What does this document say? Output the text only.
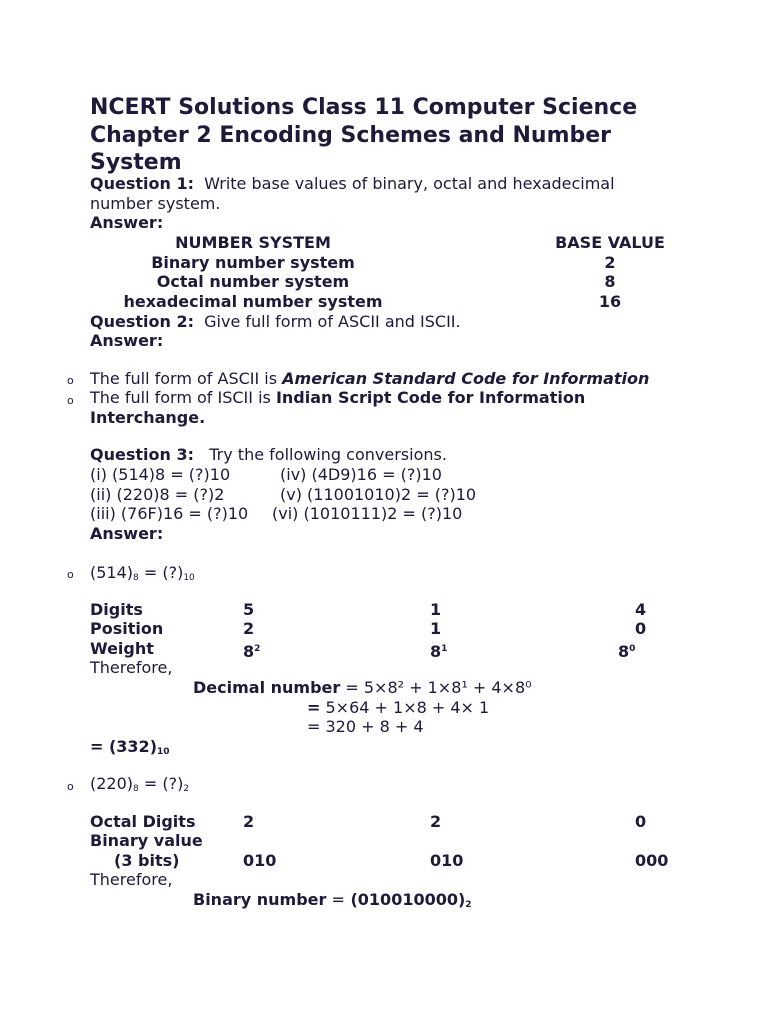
NCERT Solutions Class 11 Computer Science Chapter 2 Encoding Schemes and Number System
Question 1: Write base values of binary, octal and hexadecimal
number system.
Answer:
NUMBER SYSTEM	BASE VALUE
Binary number system	2
Octal number system	8
hexadecimal number system	16
Question 2: Give full form of ASCII and ISCII.
Answer:
o The full form of ASCII is American Standard Code for Information
o The full form of ISCII is Indian Script Code for Information
Interchange.
Question 3: Try the following conversions.
(i) (514)8 = (?)10	(iv) (4D9)16 = (?)10
(ii) (220)8 = (?)2	(v) (11001010)2 = (?)10
(iii) (76F)16 = (?)10 (vi) (1010111)2 = (?)10
Answer:
o $(514)_8$ = $(?)_{10}$
Digits	5	1	4
Position	2	1	0
Weight	$8^2$	$8^1$	$8^0$
Therefore,
Decimal number = 5×8² + 1×8¹ + 4×8⁰
= 5×64 + 1×8 + 4× 1
= 320 + 8 + 4
= $(332)_{10}$
o $(220)_8$ = $(?)_2$
Octal Digits	2	2	0
Binary value
(3 bits)	010	010	000
Therefore,
Binary number = $(010010000)_2$
